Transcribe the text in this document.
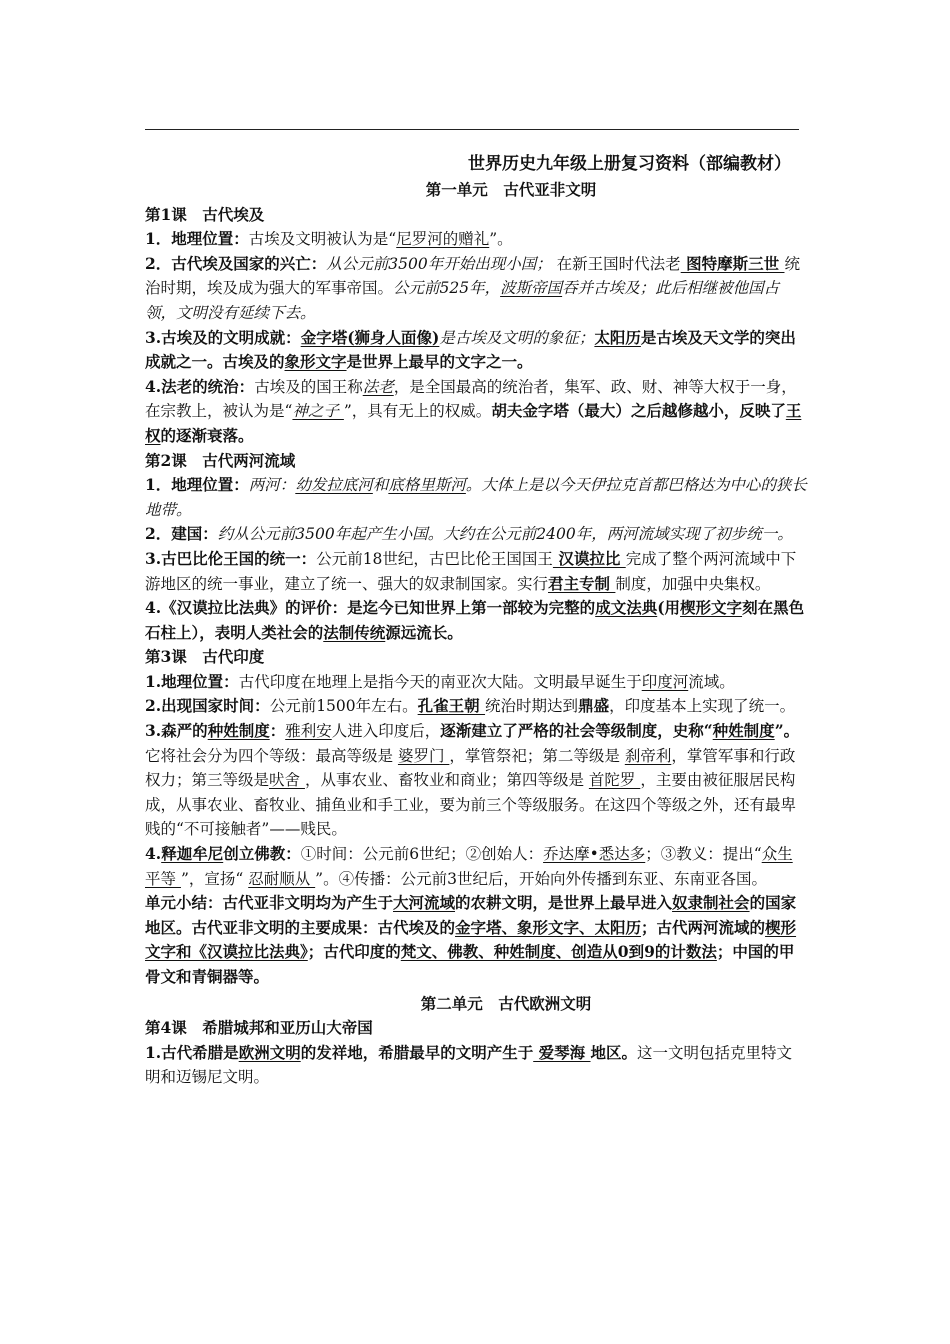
世界历史九年级上册复习资料（部编教材）
第一单元　古代亚非文明
第1课　古代埃及

1．地理位置：古埃及文明被认为是“尼罗河的赠礼”。

2．古代埃及国家的兴亡：从公元前3500年开始出现小国； 在新王国时代法老 图特摩斯三世 统治时期，埃及成为强大的军事帝国。公元前525年，波斯帝国吞并古埃及；此后相继被他国占领，文明没有延续下去。

3.古埃及的文明成就：金字塔(狮身人面像)是古埃及文明的象征；太阳历是古埃及天文学的突出成就之一。古埃及的象形文字是世界上最早的文字之一。

4.法老的统治：古埃及的国王称法老，是全国最高的统治者，集军、政、财、神等大权于一身，在宗教上，被认为是“神之子 ”，具有无上的权威。胡夫金字塔（最大）之后越修越小，反映了王权的逐渐衰落。

第2课　古代两河流域

1．地理位置：两河：幼发拉底河和底格里斯河。大体上是以今天伊拉克首都巴格达为中心的狭长地带。

2．建国：约从公元前3500年起产生小国。大约在公元前2400年，两河流域实现了初步统一。

3.古巴比伦王国的统一：公元前18世纪，古巴比伦王国国王 汉谟拉比 完成了整个两河流域中下游地区的统一事业，建立了统一、强大的奴隶制国家。实行君主专制 制度，加强中央集权。

4.《汉谟拉比法典》的评价：是迄今已知世界上第一部较为完整的成文法典(用楔形文字刻在黑色石柱上），表明人类社会的法制传统源远流长。

第3课　古代印度

1.地理位置：古代印度在地理上是指今天的南亚次大陆。文明最早诞生于印度河流域。

2.出现国家时间：公元前1500年左右。孔雀王朝 统治时期达到鼎盛，印度基本上实现了统一。

3.森严的种姓制度：雅利安人进入印度后，逐渐建立了严格的社会等级制度，史称“种姓制度”。

它将社会分为四个等级：最高等级是 婆罗门 ，掌管祭祀；第二等级是 刹帝利，掌管军事和行政权力；第三等级是吠舍 ，从事农业、畜牧业和商业；第四等级是 首陀罗 ，主要由被征服居民构成，从事农业、畜牧业、捕鱼业和手工业，要为前三个等级服务。在这四个等级之外，还有最卑贱的“不可接触者”——贱民。

4.释迦牟尼创立佛教：①时间：公元前6世纪；②创始人：乔达摩•悉达多；③教义：提出“众生平等 ”，宣扬“ 忍耐顺从 ”。④传播：公元前3世纪后，开始向外传播到东亚、东南亚各国。

单元小结：古代亚非文明均为产生于大河流域的农耕文明，是世界上最早进入奴隶制社会的国家地区。古代亚非文明的主要成果：古代埃及的金字塔、象形文字、太阳历；古代两河流域的楔形文字和《汉谟拉比法典》；古代印度的梵文、佛教、种姓制度、创造从0到9的计数法；中国的甲骨文和青铜器等。

第二单元　古代欧洲文明
第4课　希腊城邦和亚历山大帝国

1.古代希腊是欧洲文明的发祥地，希腊最早的文明产生于 爱琴海 地区。这一文明包括克里特文明和迈锡尼文明。
